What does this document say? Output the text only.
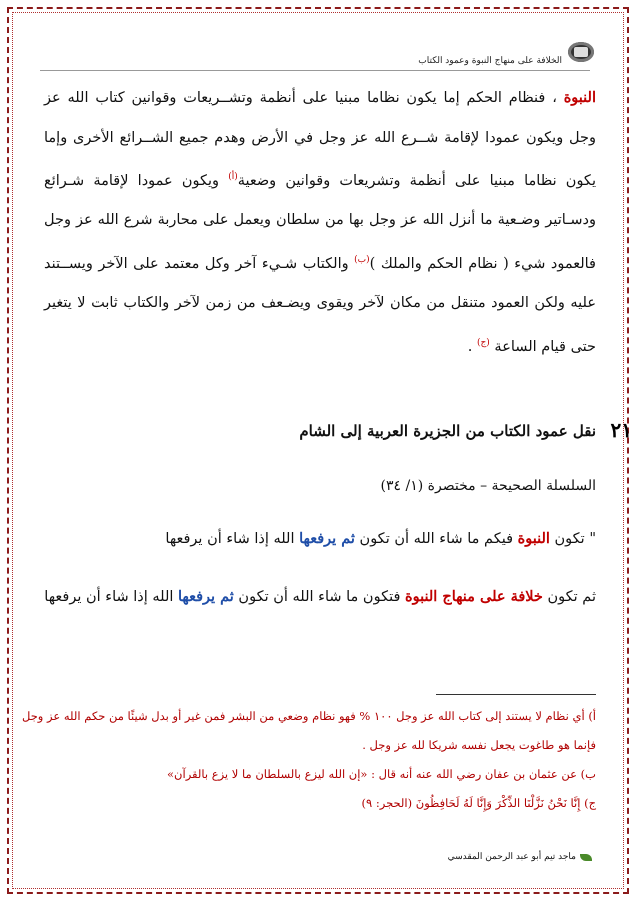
الخلافة على منهاج النبوة وعمود الكتاب
النبوة ، فنظام الحكم إما يكون نظاما مبنيا على أنظمة وتشــريعات وقوانين كتاب الله عز وجل ويكون عمودا لإقامة شــرع الله عز وجل في الأرض وهدم جميع الشــرائع الأخرى وإما يكون نظاما مبنيا على أنظمة وتشريعات وقوانين وضعية$^{(أ)}$ ويكون عمودا لإقامة شـرائع ودسـاتير وضـعية ما أنزل الله عز وجل بها من سلطان ويعمل على محاربة شرع الله عز وجل فالعمود شيء ( نظام الحكم والملك )$^{(ب)}$ والكتاب شـيء آخر وكل معتمد على الآخر ويســتند عليه ولكن العمود متنقل من مكان لآخر ويقوى ويضـعف من زمن لآخر والكتاب ثابت لا يتغير حتى قيام الساعة $^{(ج)}$ .
٢١
نقل عمود الكتاب من الجزيرة العربية إلى الشام
السلسلة الصحيحة – مختصرة (١/ ٣٤)
" تكون النبوة فيكم ما شاء الله أن تكون ثم يرفعها الله إذا شاء أن يرفعها
ثم تكون خلافة على منهاج النبوة فتكون ما شاء الله أن تكون ثم يرفعها الله إذا شاء أن يرفعها
أ) أي نظام لا يستند إلى كتاب الله عز وجل ١٠٠ % فهو نظام وضعي من البشر فمن غير أو بدل شيئًا من حكم الله عز وجل
فإنما هو طاغوت يجعل نفسه شريكا لله عز وجل .
ب) عن عثمان بن عفان رضي الله عنه أنه قال : «إن الله ليزع بالسلطان ما لا يزع بالقرآن»
ج) إِنَّا نَحْنُ نَزَّلْنَا الذِّكْرَ وَإِنَّا لَهُ لَحَافِظُونَ (الحجر: ٩)
ماجد تيم أبو عبد الرحمن المقدسي
